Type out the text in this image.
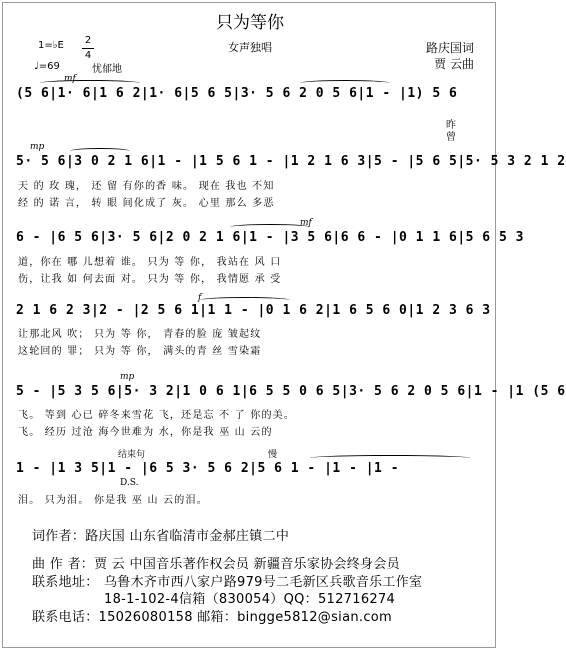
只为等你
女声独唱	路庆国词
贾 云曲
1=♭E 2
4
♩=69	忧郁地
mf
(5 6|1· 6|1 6 2|1· 6|5 6 5|3· 5 6 2 0 5 6|1 - |1) 5 6
昨
曾
mp
5· 5 6|3 0 2 1 6|1 - |1 5 6 1 - |1 2 1 6 3|5 - |5 6 5|5· 5 3 2 1 2
天 的 玫 瑰， 还 留 有你的香 味。 现在 我也 不知
经 的 诺 言， 转 眼 间化成了 灰。 心里 那么 多恶
mf
6 - |6 5 6|3· 5 6|2 0 2 1 6|1 - |3 5 6|6 6 - |0 1 1 6|5 6 5 3
道，你在 哪 儿想着 谁。 只为 等 你， 我站在 风 口
伤，让我 如 何去面 对。 只为 等 你， 我情愿 承 受
f
2 1 6 2 3|2 - |2 5 6 1|1 1 - |0 1 6 2|1 6 5 6 0|1 2 3 6 3
让那北风 吹； 只为 等 你， 青春的脸 庞 皱起纹
这轮回的 罪； 只为 等 你， 满头的青 丝 雪染霜
mp
5 - |5 3 5 6|5· 3 2|1 0 6 1|6 5 5 0 6 5|3· 5 6 2 0 5 6|1 - |1 (5 6
飞。 等到 心已 碎冬来雪花 飞，还是忘 不 了 你的美。
飞。 经历 过沧 海今世难为 水，你是我 巫 山 云的
结束句	慢
1 - |1 3 5|1 - |6 5 3· 5 6 2|5 6 1 - |1 - |1 -
D.S.
泪。 只为泪。 你是我 巫 山 云的泪。
词作者：路庆国 山东省临清市金郝庄镇二中
曲 作 者：贾 云 中国音乐著作权会员 新疆音乐家协会终身会员
联系地址： 乌鲁木齐市西八家户路979号二毛新区兵歌音乐工作室
18-1-102-4信箱（830054）QQ：512716274
联系电话：15026080158 邮箱：bingge5812@sian.com
